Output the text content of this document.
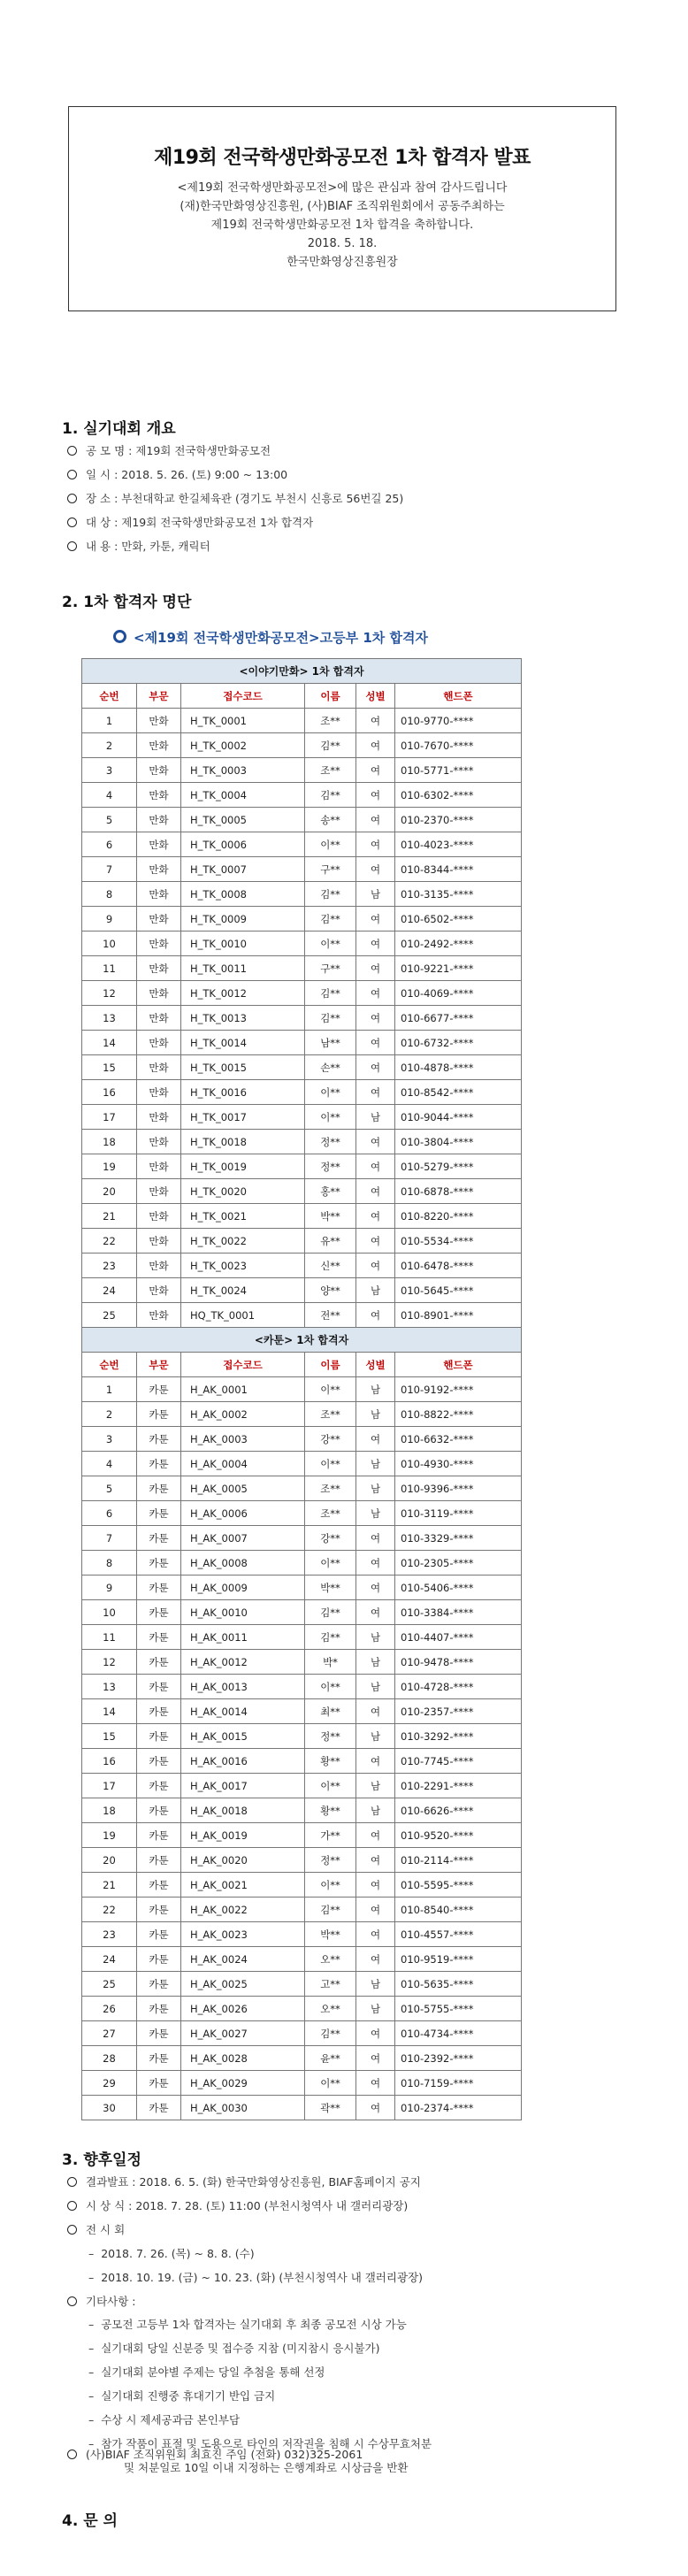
제19회 전국학생만화공모전 1차 합격자 발표
<제19회 전국학생만화공모전>에 많은 관심과 참여 감사드립니다
(재)한국만화영상진흥원, (사)BIAF 조직위원회에서 공동주최하는
제19회 전국학생만화공모전 1차 합격을 축하합니다.
2018. 5. 18.
한국만화영상진흥원장
1. 실기대회 개요
공 모 명 : 제19회 전국학생만화공모전
일 시 : 2018. 5. 26. (토) 9:00 ~ 13:00
장 소 : 부천대학교 한길체육관 (경기도 부천시 신흥로 56번길 25)
대 상 : 제19회 전국학생만화공모전 1차 합격자
내 용 : 만화, 카툰, 캐릭터
2. 1차 합격자 명단
<제19회 전국학생만화공모전>고등부 1차 합격자
<이야기만화> 1차 합격자					
순번	부문	접수코드	이름	성별	핸드폰
1	만화	H_TK_0001	조**	여	010-9770-****
2	만화	H_TK_0002	김**	여	010-7670-****
3	만화	H_TK_0003	조**	여	010-5771-****
4	만화	H_TK_0004	김**	여	010-6302-****
5	만화	H_TK_0005	송**	여	010-2370-****
6	만화	H_TK_0006	이**	여	010-4023-****
7	만화	H_TK_0007	구**	여	010-8344-****
8	만화	H_TK_0008	김**	남	010-3135-****
9	만화	H_TK_0009	김**	여	010-6502-****
10	만화	H_TK_0010	이**	여	010-2492-****
11	만화	H_TK_0011	구**	여	010-9221-****
12	만화	H_TK_0012	김**	여	010-4069-****
13	만화	H_TK_0013	김**	여	010-6677-****
14	만화	H_TK_0014	남**	여	010-6732-****
15	만화	H_TK_0015	손**	여	010-4878-****
16	만화	H_TK_0016	이**	여	010-8542-****
17	만화	H_TK_0017	이**	남	010-9044-****
18	만화	H_TK_0018	정**	여	010-3804-****
19	만화	H_TK_0019	정**	여	010-5279-****
20	만화	H_TK_0020	홍**	여	010-6878-****
21	만화	H_TK_0021	박**	여	010-8220-****
22	만화	H_TK_0022	유**	여	010-5534-****
23	만화	H_TK_0023	신**	여	010-6478-****
24	만화	H_TK_0024	양**	남	010-5645-****
25	만화	HQ_TK_0001	전**	여	010-8901-****
<카툰> 1차 합격자					
순번	부문	접수코드	이름	성별	핸드폰
1	카툰	H_AK_0001	이**	남	010-9192-****
2	카툰	H_AK_0002	조**	남	010-8822-****
3	카툰	H_AK_0003	강**	여	010-6632-****
4	카툰	H_AK_0004	이**	남	010-4930-****
5	카툰	H_AK_0005	조**	남	010-9396-****
6	카툰	H_AK_0006	조**	남	010-3119-****
7	카툰	H_AK_0007	강**	여	010-3329-****
8	카툰	H_AK_0008	이**	여	010-2305-****
9	카툰	H_AK_0009	박**	여	010-5406-****
10	카툰	H_AK_0010	김**	여	010-3384-****
11	카툰	H_AK_0011	김**	남	010-4407-****
12	카툰	H_AK_0012	박*	남	010-9478-****
13	카툰	H_AK_0013	이**	남	010-4728-****
14	카툰	H_AK_0014	최**	여	010-2357-****
15	카툰	H_AK_0015	정**	남	010-3292-****
16	카툰	H_AK_0016	황**	여	010-7745-****
17	카툰	H_AK_0017	이**	남	010-2291-****
18	카툰	H_AK_0018	황**	남	010-6626-****
19	카툰	H_AK_0019	가**	여	010-9520-****
20	카툰	H_AK_0020	정**	여	010-2114-****
21	카툰	H_AK_0021	이**	여	010-5595-****
22	카툰	H_AK_0022	김**	여	010-8540-****
23	카툰	H_AK_0023	박**	여	010-4557-****
24	카툰	H_AK_0024	오**	여	010-9519-****
25	카툰	H_AK_0025	고**	남	010-5635-****
26	카툰	H_AK_0026	오**	남	010-5755-****
27	카툰	H_AK_0027	김**	여	010-4734-****
28	카툰	H_AK_0028	윤**	여	010-2392-****
29	카툰	H_AK_0029	이**	여	010-7159-****
30	카툰	H_AK_0030	곽**	여	010-2374-****
3. 향후일정
결과발표 : 2018. 6. 5. (화) 한국만화영상진흥원, BIAF홈페이지 공지
시 상 식 : 2018. 7. 28. (토) 11:00 (부천시청역사 내 갤러리광장)
전 시 회
–  2018. 7. 26. (목) ~ 8. 8. (수)
–  2018. 10. 19. (금) ~ 10. 23. (화) (부천시청역사 내 갤러리광장)
기타사항 :
–  공모전 고등부 1차 합격자는 실기대회 후 최종 공모전 시상 가능
–  실기대회 당일 신분증 및 접수증 지참 (미지참시 응시불가)
–  실기대회 분야별 주제는 당일 추첨을 통해 선정
–  실기대회 진행중 휴대기기 반입 금지
–  수상 시 제세공과금 본인부담
–  참가 작품이 표절 및 도용으로 타인의 저작권을 침해 시 수상무효처분
및 처분일로 10일 이내 지정하는 은행계좌로 시상금을 반환
4. 문 의
(사)BIAF 조직위원회 최효진 주임 (전화) 032)325-2061
